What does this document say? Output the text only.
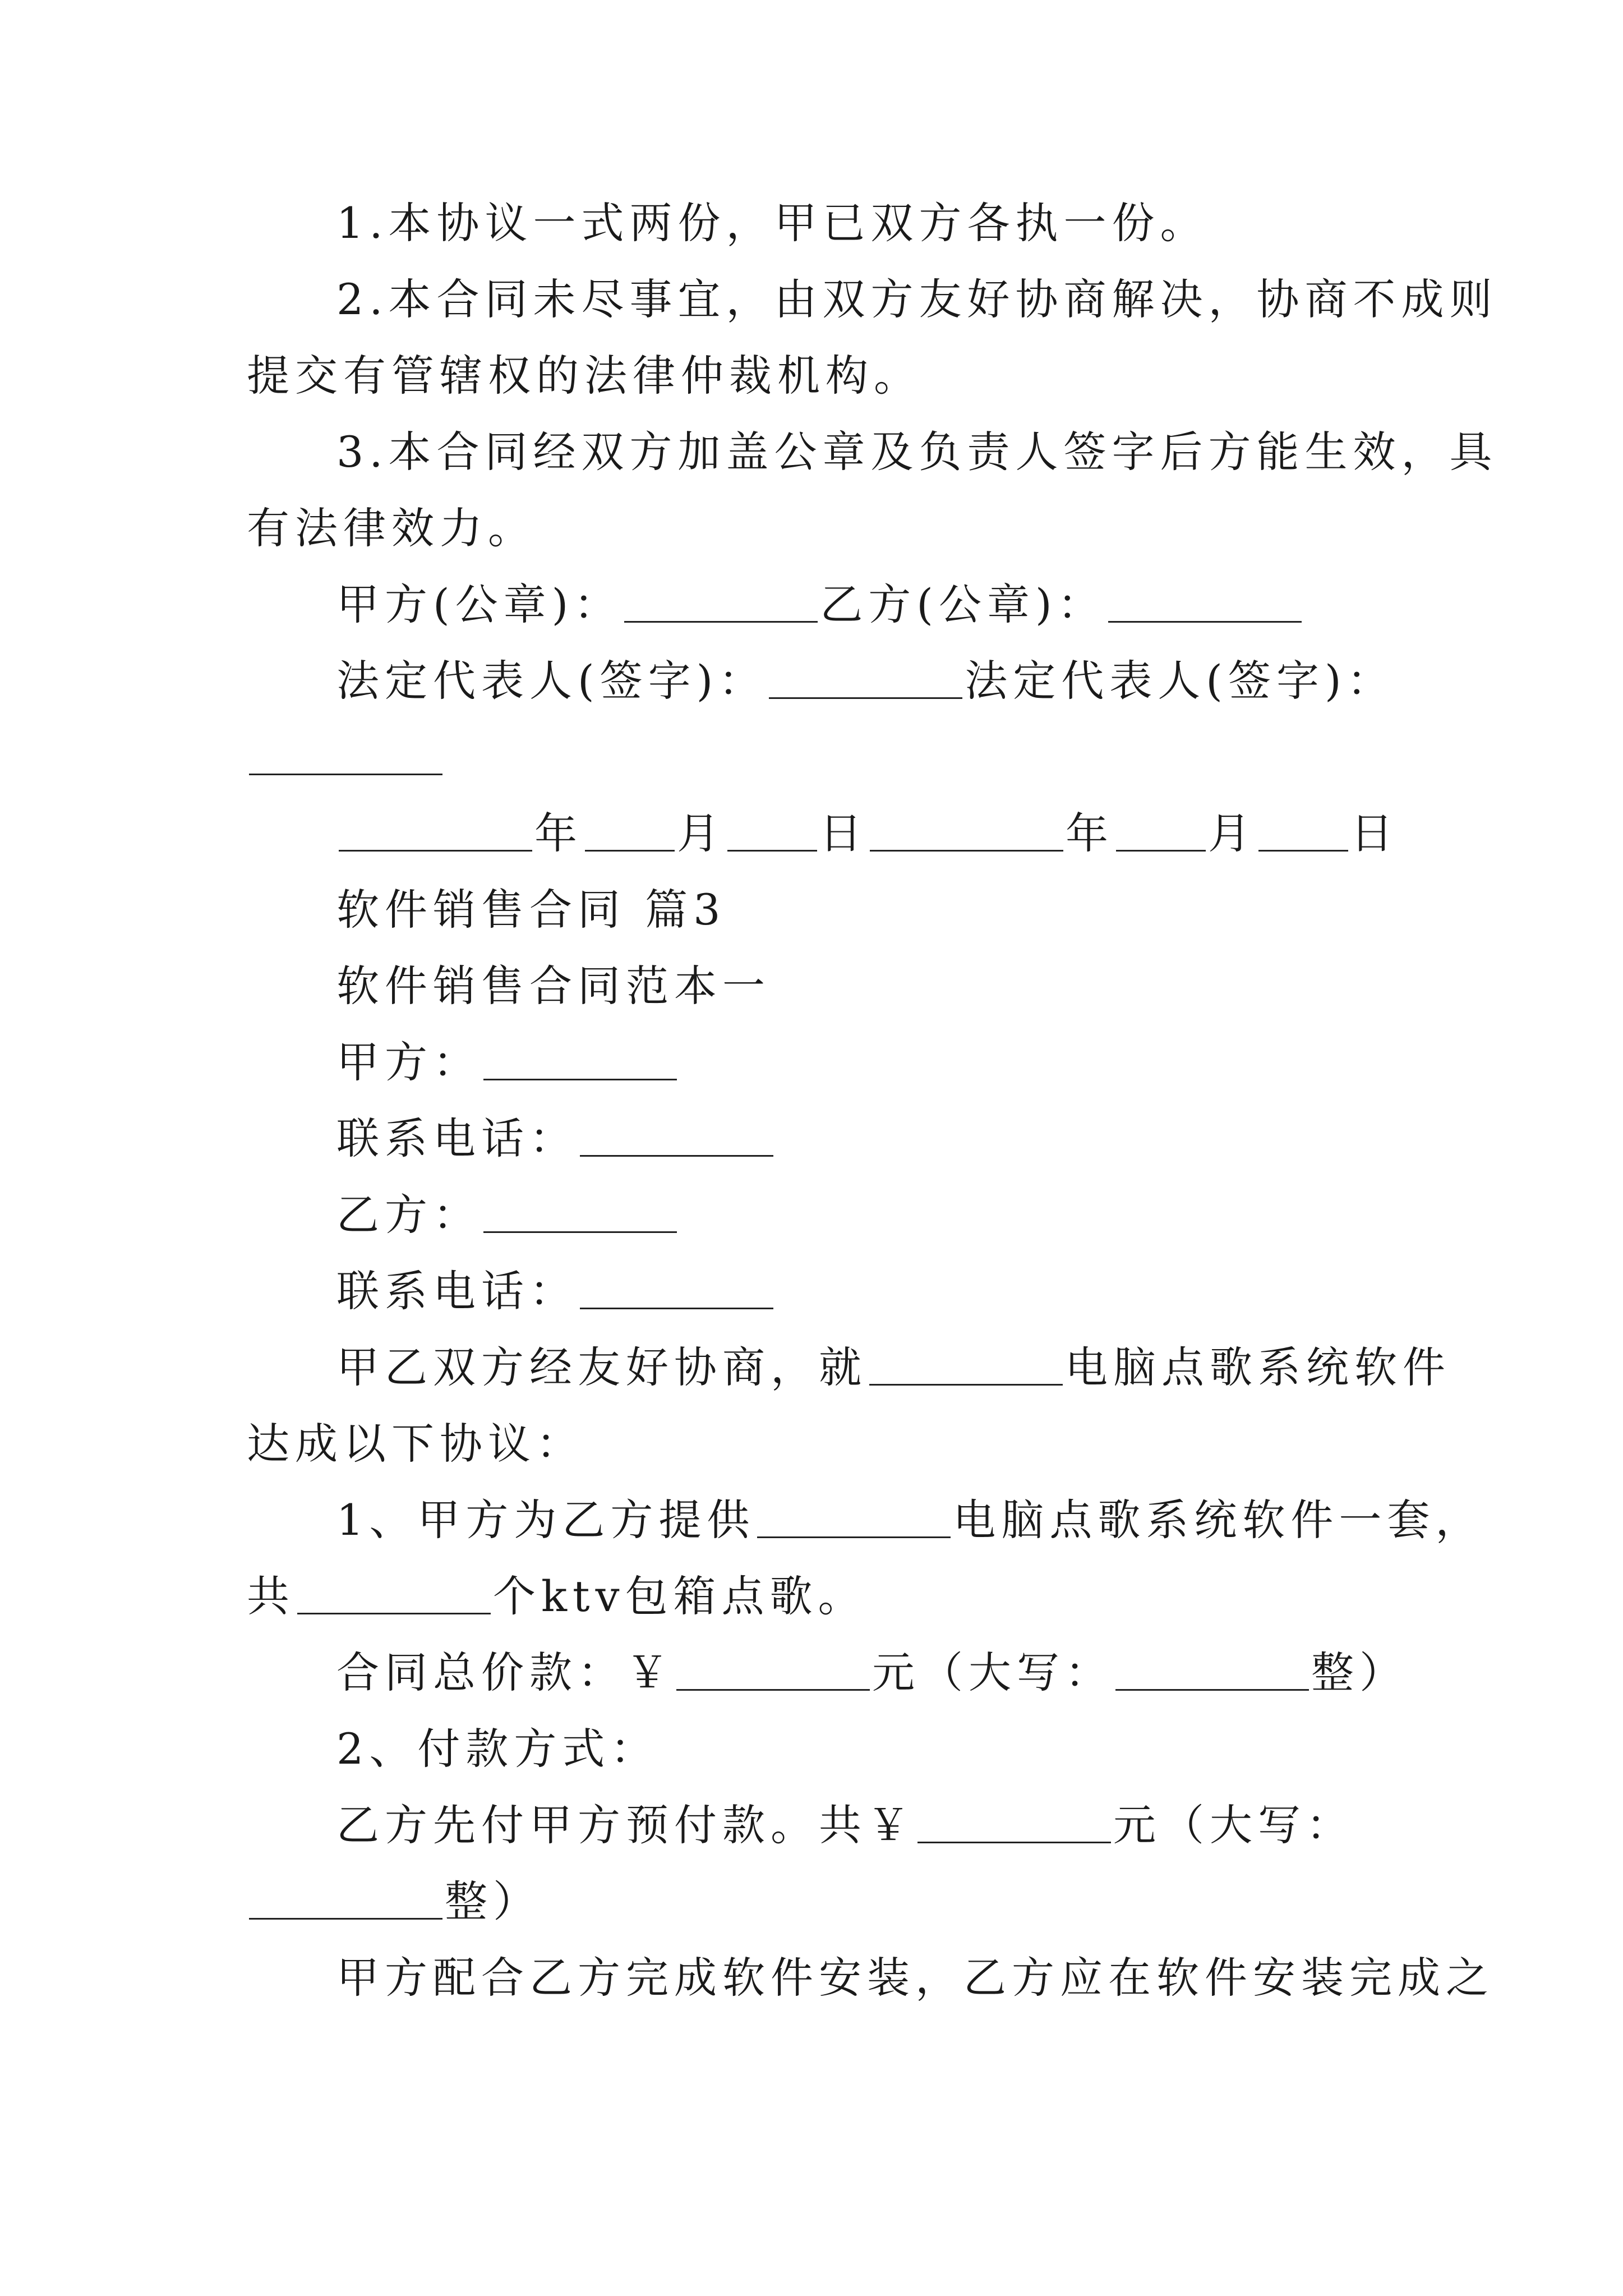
1.本协议一式两份，甲已双方各执一份。
2.本合同未尽事宜，由双方友好协商解决，协商不成则
提交有管辖权的法律仲裁机构。
3.本合同经双方加盖公章及负责人签字后方能生效，具
有法律效力。
甲方(公章)：	乙方(公章)：
法定代表人(签字)：	法定代表人(签字)：
年 月 日	年 月 日
软件销售合同 篇3
软件销售合同范本一
甲方：
联系电话：
乙方：
联系电话：
甲乙双方经友好协商，就	电脑点歌系统软件
达成以下协议：
1、甲方为乙方提供	电脑点歌系统软件一套，
共	个ktv包箱点歌。
合同总价款：￥	元（大写：	整）
2、付款方式：
乙方先付甲方预付款。共￥	元（大写：
整）
甲方配合乙方完成软件安装，乙方应在软件安装完成之
